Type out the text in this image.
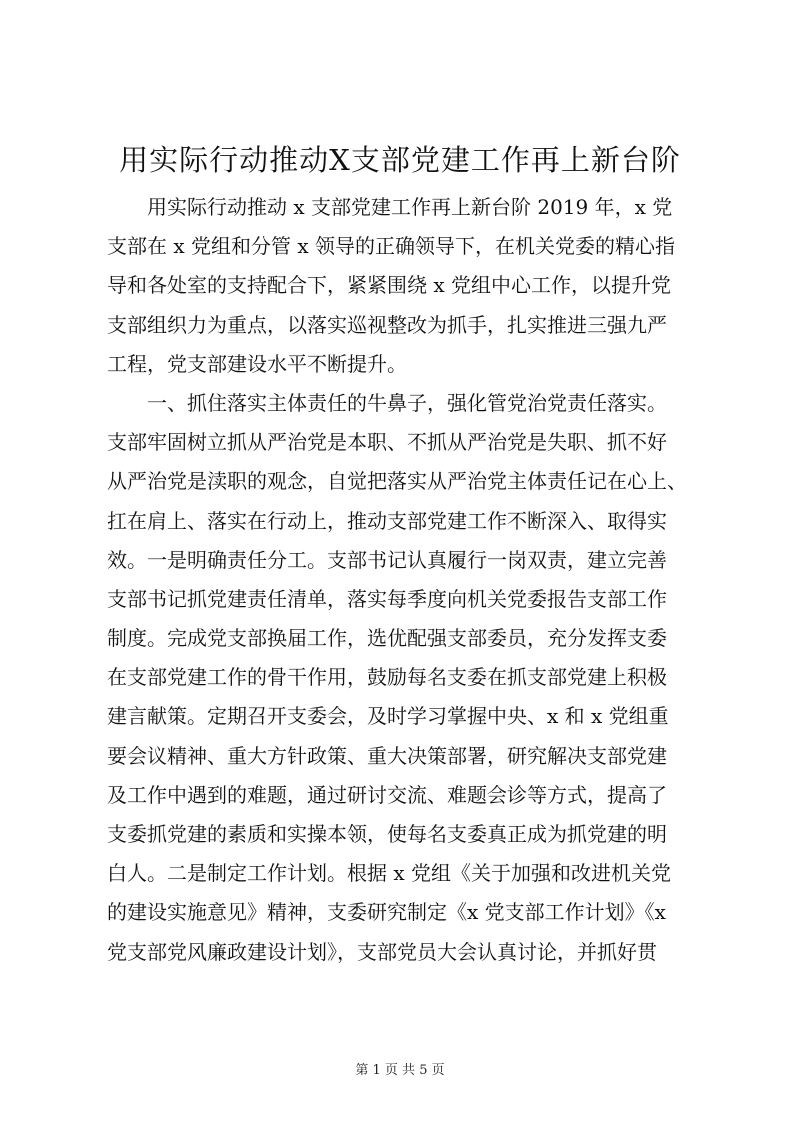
用实际行动推动X支部党建工作再上新台阶
用实际行动推动 x 支部党建工作再上新台阶 2019 年，x 党
支部在 x 党组和分管 x 领导的正确领导下，在机关党委的精心指
导和各处室的支持配合下，紧紧围绕 x 党组中心工作，以提升党
支部组织力为重点，以落实巡视整改为抓手，扎实推进三强九严
工程，党支部建设水平不断提升。
一、抓住落实主体责任的牛鼻子，强化管党治党责任落实。
支部牢固树立抓从严治党是本职、不抓从严治党是失职、抓不好
从严治党是渎职的观念，自觉把落实从严治党主体责任记在心上、
扛在肩上、落实在行动上，推动支部党建工作不断深入、取得实
效。一是明确责任分工。支部书记认真履行一岗双责，建立完善
支部书记抓党建责任清单，落实每季度向机关党委报告支部工作
制度。完成党支部换届工作，选优配强支部委员，充分发挥支委
在支部党建工作的骨干作用，鼓励每名支委在抓支部党建上积极
建言献策。定期召开支委会，及时学习掌握中央、x 和 x 党组重
要会议精神、重大方针政策、重大决策部署，研究解决支部党建
及工作中遇到的难题，通过研讨交流、难题会诊等方式，提高了
支委抓党建的素质和实操本领，使每名支委真正成为抓党建的明
白人。二是制定工作计划。根据 x 党组《关于加强和改进机关党
的建设实施意见》精神，支委研究制定《x 党支部工作计划》《x
党支部党风廉政建设计划》，支部党员大会认真讨论，并抓好贯
第 1 页 共 5 页
